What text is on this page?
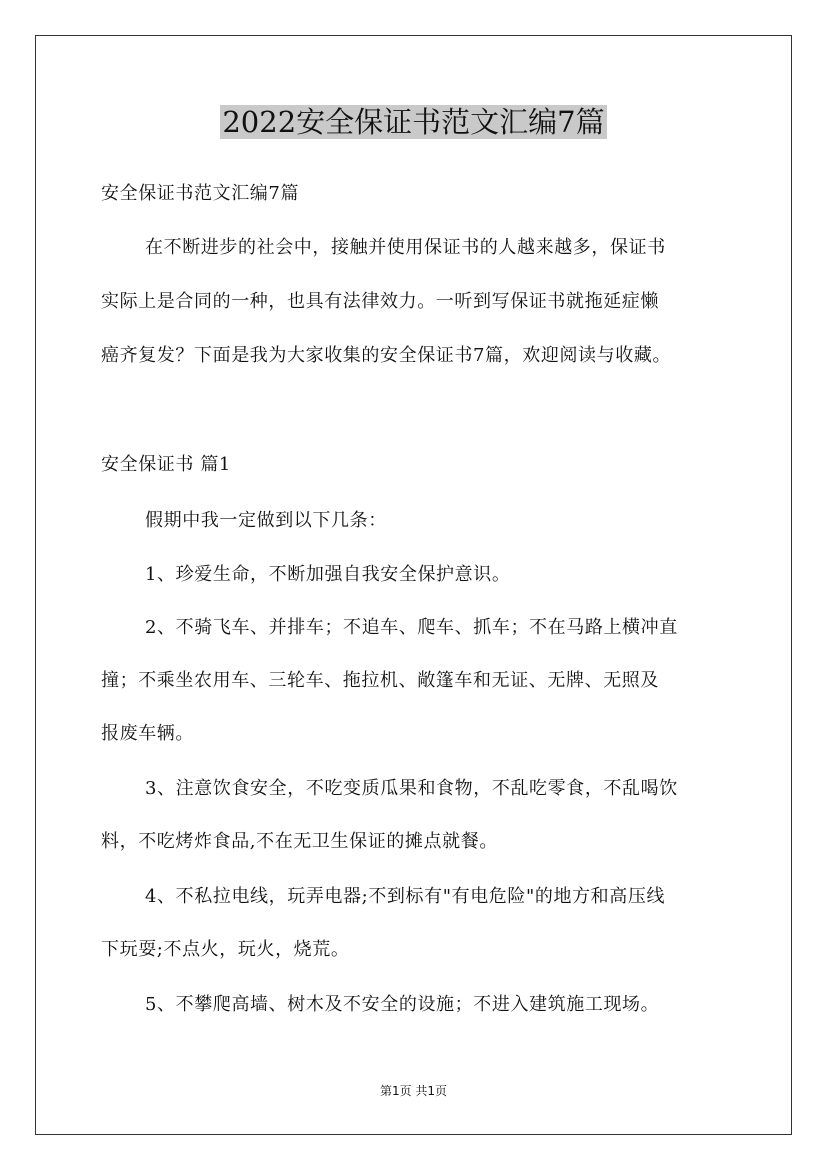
2022安全保证书范文汇编7篇
安全保证书范文汇编7篇
在不断进步的社会中，接触并使用保证书的人越来越多，保证书
实际上是合同的一种，也具有法律效力。一听到写保证书就拖延症懒
癌齐复发？下面是我为大家收集的安全保证书7篇，欢迎阅读与收藏。
安全保证书 篇1
假期中我一定做到以下几条：
1、珍爱生命，不断加强自我安全保护意识。
2、不骑飞车、并排车；不追车、爬车、抓车；不在马路上横冲直
撞；不乘坐农用车、三轮车、拖拉机、敞篷车和无证、无牌、无照及
报废车辆。
3、注意饮食安全，不吃变质瓜果和食物，不乱吃零食，不乱喝饮
料，不吃烤炸食品,不在无卫生保证的摊点就餐。
4、不私拉电线，玩弄电器;不到标有"有电危险"的地方和高压线
下玩耍;不点火，玩火，烧荒。
5、不攀爬高墙、树木及不安全的设施；不进入建筑施工现场。
第1页 共1页
